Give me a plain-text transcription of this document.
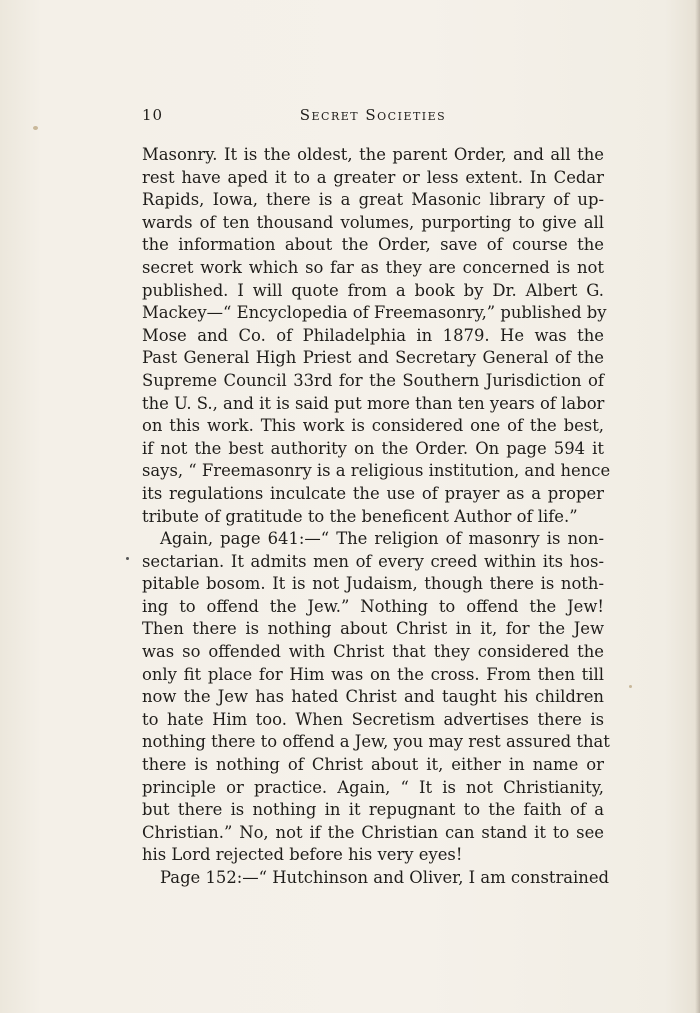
10	Secret Societies
Masonry. It is the oldest, the parent Order, and all the
rest have aped it to a greater or less extent. In Cedar
Rapids, Iowa, there is a great Masonic library of up-
wards of ten thousand volumes, purporting to give all
the information about the Order, save of course the
secret work which so far as they are concerned is not
published. I will quote from a book by Dr. Albert G.
Mackey—“ Encyclopedia of Freemasonry,” published by
Mose and Co. of Philadelphia in 1879. He was the
Past General High Priest and Secretary General of the
Supreme Council 33rd for the Southern Jurisdiction of
the U. S., and it is said put more than ten years of labor
on this work. This work is considered one of the best,
if not the best authority on the Order. On page 594 it
says, “ Freemasonry is a religious institution, and hence
its regulations inculcate the use of prayer as a proper
tribute of gratitude to the beneficent Author of life.”
Again, page 641:—“ The religion of masonry is non-
sectarian. It admits men of every creed within its hos-
pitable bosom. It is not Judaism, though there is noth-
ing to offend the Jew.” Nothing to offend the Jew!
Then there is nothing about Christ in it, for the Jew
was so offended with Christ that they considered the
only fit place for Him was on the cross. From then till
now the Jew has hated Christ and taught his children
to hate Him too. When Secretism advertises there is
nothing there to offend a Jew, you may rest assured that
there is nothing of Christ about it, either in name or
principle or practice. Again, “ It is not Christianity,
but there is nothing in it repugnant to the faith of a
Christian.” No, not if the Christian can stand it to see
his Lord rejected before his very eyes!
Page 152:—“ Hutchinson and Oliver, I am constrained
